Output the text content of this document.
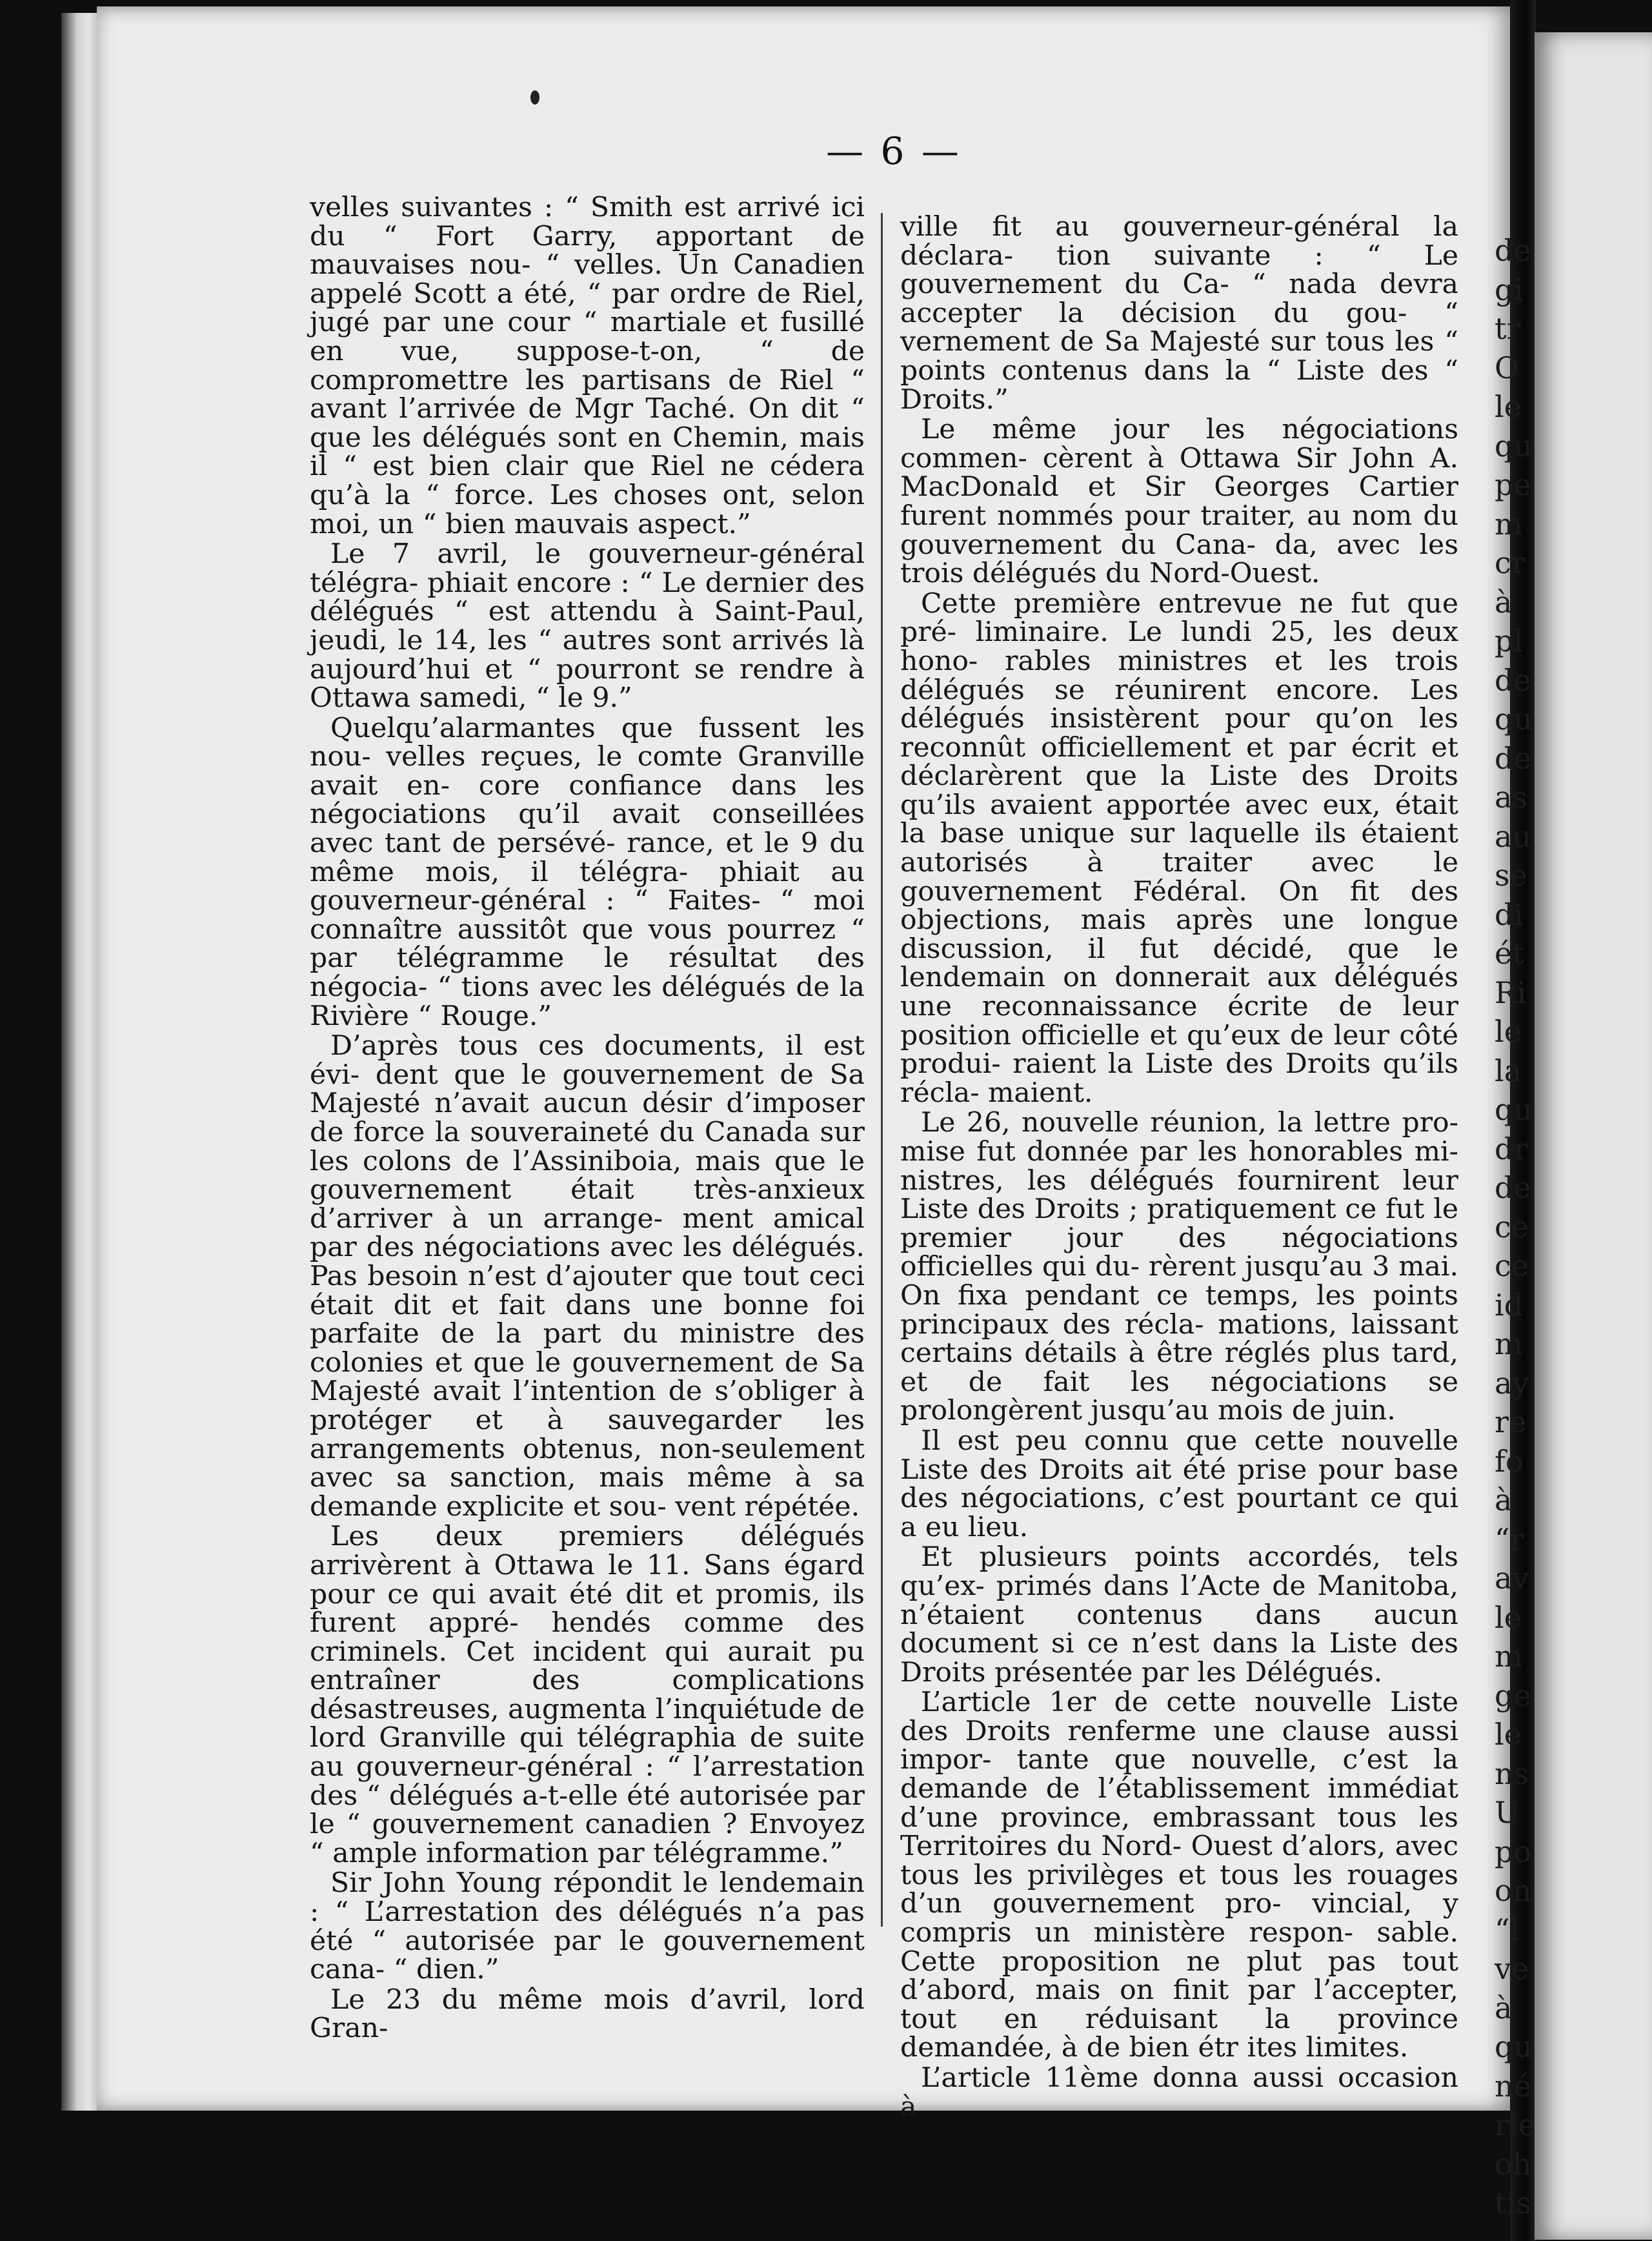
— 6 —

velles suivantes : “ Smith est arrivé ici du “ Fort Garry, apportant de mauvaises nou- “ velles. Un Canadien appelé Scott a été, “ par ordre de Riel, jugé par une cour “ martiale et fusillé en vue, suppose-t-on, “ de compromettre les partisans de Riel “ avant l’arrivée de Mgr Taché. On dit “ que les délégués sont en Chemin, mais il “ est bien clair que Riel ne cédera qu’à la “ force. Les choses ont, selon moi, un “ bien mauvais aspect.”

Le 7 avril, le gouverneur-général télégra- phiait encore : “ Le dernier des délégués “ est attendu à Saint-Paul, jeudi, le 14, les “ autres sont arrivés là aujourd’hui et “ pourront se rendre à Ottawa samedi, “ le 9.”

Quelqu’alarmantes que fussent les nou- velles reçues, le comte Granville avait en- core confiance dans les négociations qu’il avait conseillées avec tant de persévé- rance, et le 9 du même mois, il télégra- phiait au gouverneur-général : “ Faites- “ moi connaître aussitôt que vous pourrez “ par télégramme le résultat des négocia- “ tions avec les délégués de la Rivière “ Rouge.”

D’après tous ces documents, il est évi- dent que le gouvernement de Sa Majesté n’avait aucun désir d’imposer de force la souveraineté du Canada sur les colons de l’Assiniboia, mais que le gouvernement était très-anxieux d’arriver à un arrange- ment amical par des négociations avec les délégués. Pas besoin n’est d’ajouter que tout ceci était dit et fait dans une bonne foi parfaite de la part du ministre des colonies et que le gouvernement de Sa Majesté avait l’intention de s’obliger à protéger et à sauvegarder les arrangements obtenus, non-seulement avec sa sanction, mais même à sa demande explicite et sou- vent répétée.

Les deux premiers délégués arrivèrent à Ottawa le 11. Sans égard pour ce qui avait été dit et promis, ils furent appré- hendés comme des criminels. Cet incident qui aurait pu entraîner des complications désastreuses, augmenta l’inquiétude de lord Granville qui télégraphia de suite au gouverneur-général : “ l’arrestation des “ délégués a-t-elle été autorisée par le “ gouvernement canadien ? Envoyez “ ample information par télégramme.”

Sir John Young répondit le lendemain : “ L’arrestation des délégués n’a pas été “ autorisée par le gouvernement cana- “ dien.”

Le 23 du même mois d’avril, lord Gran-

ville fit au gouverneur-général la déclara- tion suivante : “ Le gouvernement du Ca- “ nada devra accepter la décision du gou- “ vernement de Sa Majesté sur tous les “ points contenus dans la “ Liste des “ Droits.”

Le même jour les négociations commen- cèrent à Ottawa Sir John A. MacDonald et Sir Georges Cartier furent nommés pour traiter, au nom du gouvernement du Cana- da, avec les trois délégués du Nord-Ouest.

Cette première entrevue ne fut que pré- liminaire. Le lundi 25, les deux hono- rables ministres et les trois délégués se réunirent encore. Les délégués insistèrent pour qu’on les reconnût officiellement et par écrit et déclarèrent que la Liste des Droits qu’ils avaient apportée avec eux, était la base unique sur laquelle ils étaient autorisés à traiter avec le gouvernement Fédéral. On fit des objections, mais après une longue discussion, il fut décidé, que le lendemain on donnerait aux délégués une reconnaissance écrite de leur position officielle et qu’eux de leur côté produi- raient la Liste des Droits qu’ils récla- maient.

Le 26, nouvelle réunion, la lettre pro- mise fut donnée par les honorables mi- nistres, les délégués fournirent leur Liste des Droits ; pratiquement ce fut le premier jour des négociations officielles qui du- rèrent jusqu’au 3 mai. On fixa pendant ce temps, les points principaux des récla- mations, laissant certains détails à être réglés plus tard, et de fait les négociations se prolongèrent jusqu’au mois de juin.

Il est peu connu que cette nouvelle Liste des Droits ait été prise pour base des négociations, c’est pourtant ce qui a eu lieu.

Et plusieurs points accordés, tels qu’ex- primés dans l’Acte de Manitoba, n’étaient contenus dans aucun document si ce n’est dans la Liste des Droits présentée par les Délégués.

L’article 1er de cette nouvelle Liste des Droits renferme une clause aussi impor- tante que nouvelle, c’est la demande de l’établissement immédiat d’une province, embrassant tous les Territoires du Nord- Ouest d’alors, avec tous les privilèges et tous les rouages d’un gouvernement pro- vincial, y compris un ministère respon- sable. Cette proposition ne plut pas tout d’abord, mais on finit par l’accepter, tout en réduisant la province demandée, à de bien étr ites limites.

L’article 11ème donna aussi occasion à

de
gi
tr
O
le
qu
pe
m
cr
à
pl
de
qu
de
as
au
se
di
ét
Ri
le
la
qu
dr
de
ce
ce
id
m
ay
re
fo
à
“r
av
le
m
ge
le
ns
U
po
on
“l
ve
à
qu
né
rie
oh
tis
